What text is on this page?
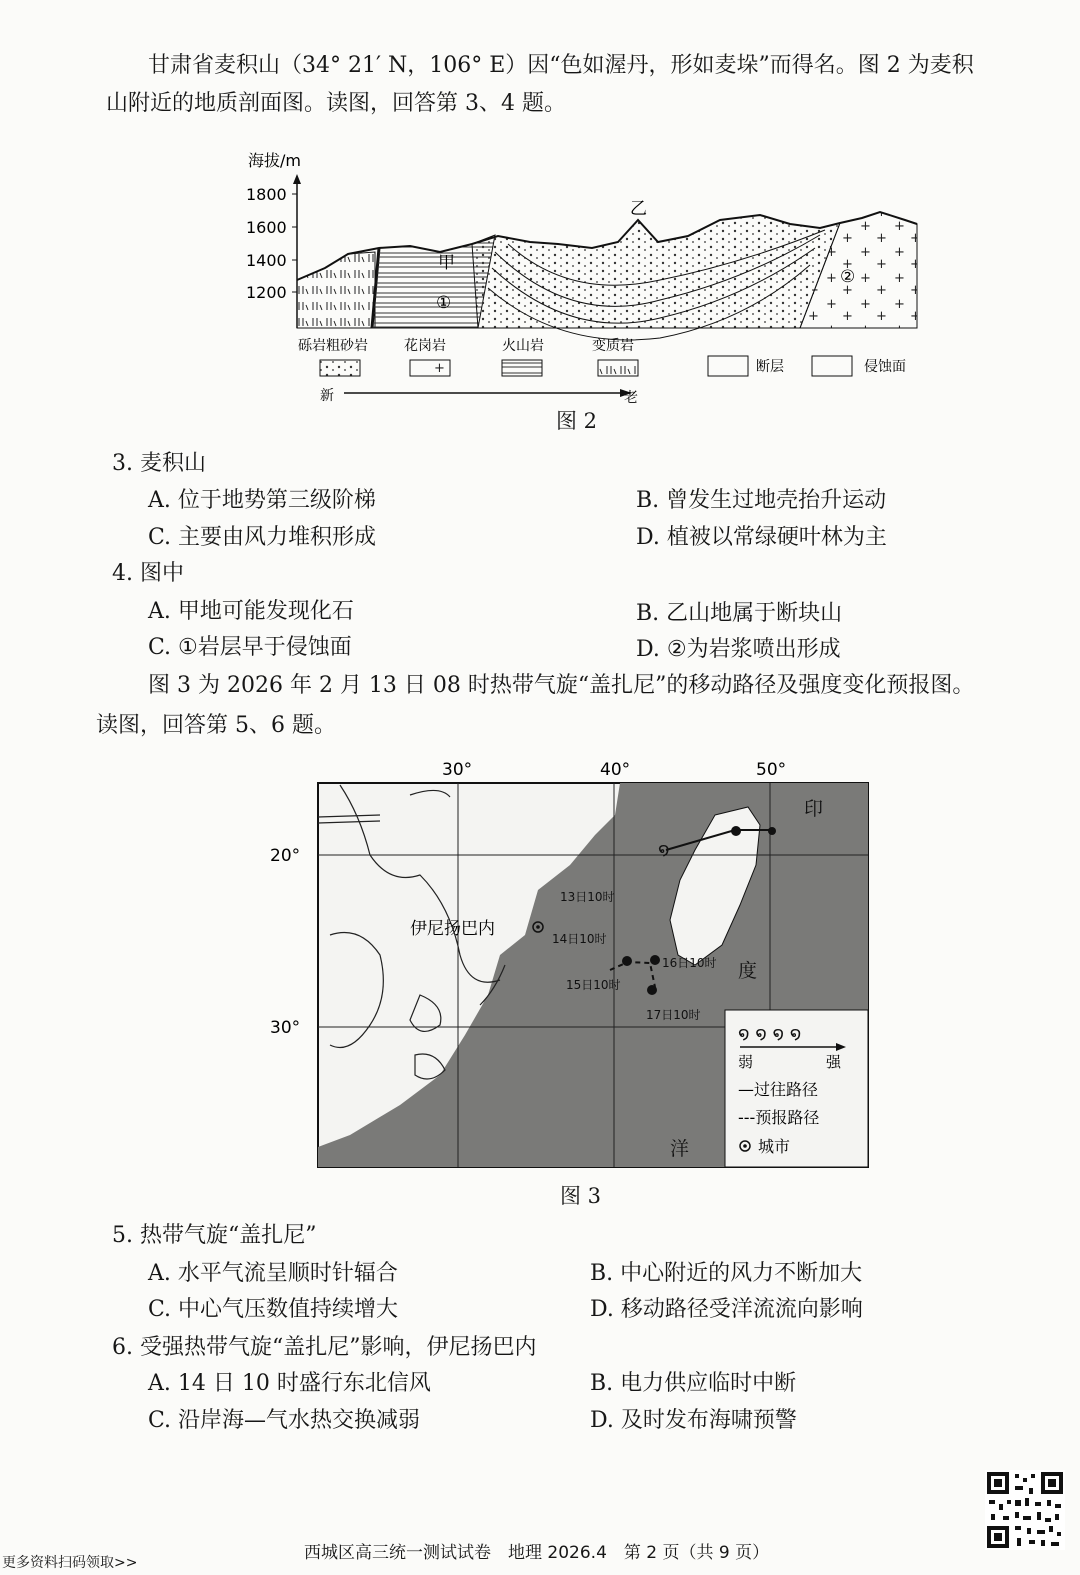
甘肃省麦积山（34° 21′ N，106° E）因“色如渥丹，形如麦垛”而得名。图 2 为麦积
山附近的地质剖面图。读图，回答第 3、4 题。
海拔/m
1800
1600
1400
1200
甲
乙
①
②
砾岩粗砂岩	花岗岩	火山岩	变质岩
断层	侵蚀面
新	老
图 2
3. 麦积山
A. 位于地势第三级阶梯	B. 曾发生过地壳抬升运动
C. 主要由风力堆积形成	D. 植被以常绿硬叶林为主
4. 图中
A. 甲地可能发现化石	B. 乙山地属于断块山
C. ①岩层早于侵蚀面	D. ②为岩浆喷出形成
图 3 为 2026 年 2 月 13 日 08 时热带气旋“盖扎尼”的移动路径及强度变化预报图。
读图，回答第 5、6 题。
30°	40°	50°
20°
30°
໑
伊尼扬巴内
13日10时
14日10时
15日10时
16日10时
17日10时
印
度
洋
໑ ໑ ໑ ໑
弱	强
—过往路径
---预报路径
城市
图 3
5. 热带气旋“盖扎尼”
A. 水平气流呈顺时针辐合	B. 中心附近的风力不断加大
C. 中心气压数值持续增大	D. 移动路径受洋流流向影响
6. 受强热带气旋“盖扎尼”影响，伊尼扬巴内
A. 14 日 10 时盛行东北信风	B. 电力供应临时中断
C. 沿岸海—气水热交换减弱	D. 及时发布海啸预警
西城区高三统一测试试卷　地理 2026.4　第 2 页（共 9 页）
更多资料扫码领取>>
